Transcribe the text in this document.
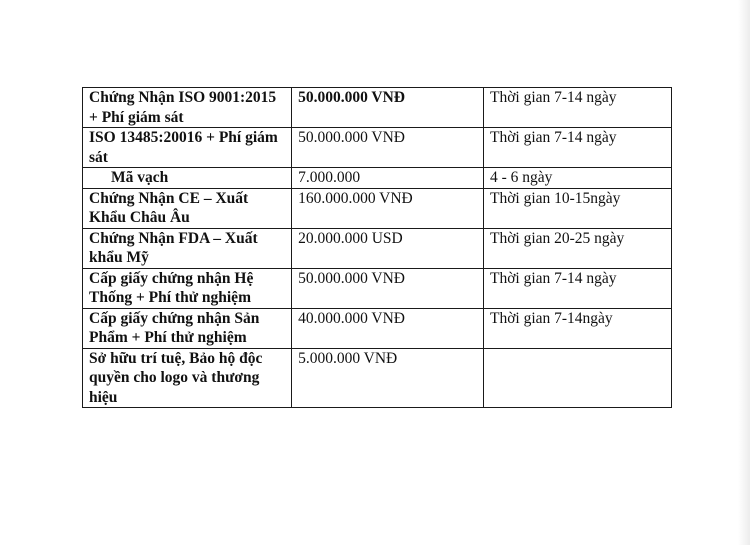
Chứng Nhận ISO 9001:2015 + Phí giám sát	50.000.000 VNĐ	Thời gian 7-14 ngày
ISO 13485:20016 + Phí giám sát	50.000.000 VNĐ	Thời gian 7-14 ngày
Mã vạch	7.000.000	4 - 6 ngày
Chứng Nhận CE – Xuất Khẩu Châu Âu	160.000.000 VNĐ	Thời gian 10-15ngày
Chứng Nhận FDA – Xuất khẩu Mỹ	20.000.000 USD	Thời gian 20-25 ngày
Cấp giấy chứng nhận Hệ Thống + Phí thử nghiệm	50.000.000 VNĐ	Thời gian 7-14 ngày
Cấp giấy chứng nhận Sản Phẩm + Phí thử nghiệm	40.000.000 VNĐ	Thời gian 7-14ngày
Sở hữu trí tuệ, Bảo hộ độc quyền cho logo và thương hiệu	5.000.000 VNĐ	
